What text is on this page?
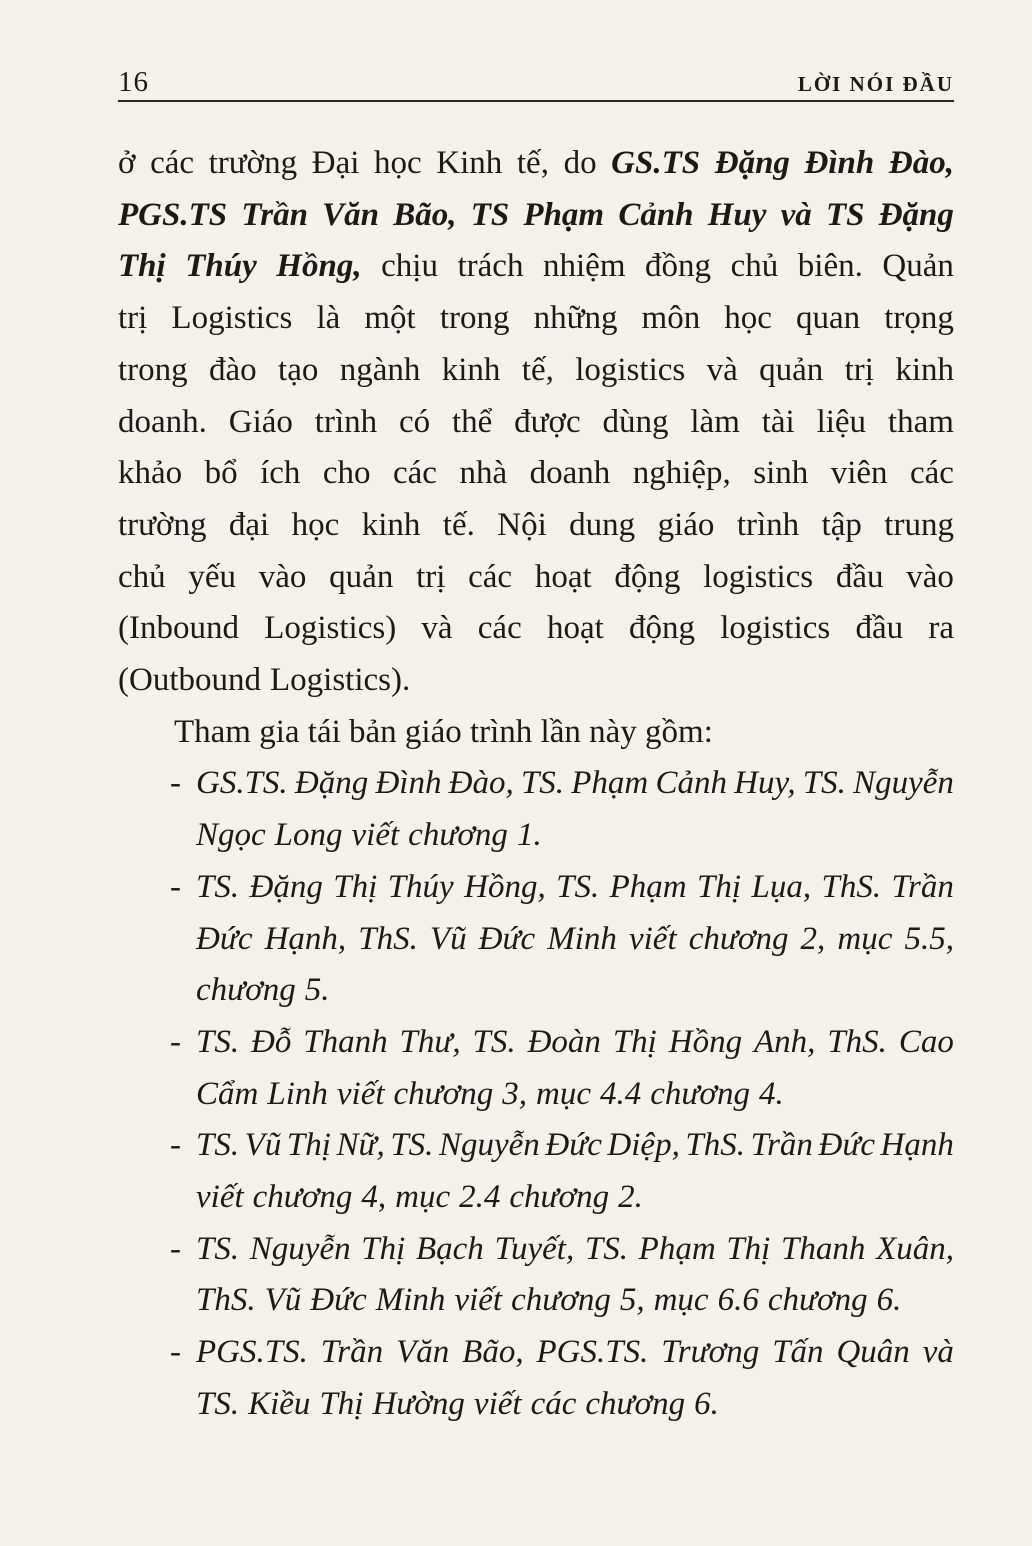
16	LỜI NÓI ĐẦU
ở các trường Đại học Kinh tế, do GS.TS Đặng Đình Đào,
PGS.TS Trần Văn Bão, TS Phạm Cảnh Huy và TS Đặng
Thị Thúy Hồng, chịu trách nhiệm đồng chủ biên. Quản
trị Logistics là một trong những môn học quan trọng
trong đào tạo ngành kinh tế, logistics và quản trị kinh
doanh. Giáo trình có thể được dùng làm tài liệu tham
khảo bổ ích cho các nhà doanh nghiệp, sinh viên các
trường đại học kinh tế. Nội dung giáo trình tập trung
chủ yếu vào quản trị các hoạt động logistics đầu vào
(Inbound Logistics) và các hoạt động logistics đầu ra
(Outbound Logistics).
Tham gia tái bản giáo trình lần này gồm:
- GS.TS. Đặng Đình Đào, TS. Phạm Cảnh Huy, TS. Nguyễn
Ngọc Long viết chương 1.
- TS. Đặng Thị Thúy Hồng, TS. Phạm Thị Lụa, ThS. Trần
Đức Hạnh, ThS. Vũ Đức Minh viết chương 2, mục 5.5,
chương 5.
- TS. Đỗ Thanh Thư, TS. Đoàn Thị Hồng Anh, ThS. Cao
Cẩm Linh viết chương 3, mục 4.4 chương 4.
- TS. Vũ Thị Nữ, TS. Nguyễn Đức Diệp, ThS. Trần Đức Hạnh
viết chương 4, mục 2.4 chương 2.
- TS. Nguyễn Thị Bạch Tuyết, TS. Phạm Thị Thanh Xuân,
ThS. Vũ Đức Minh viết chương 5, mục 6.6 chương 6.
- PGS.TS. Trần Văn Bão, PGS.TS. Trương Tấn Quân và
TS. Kiều Thị Hường viết các chương 6.
